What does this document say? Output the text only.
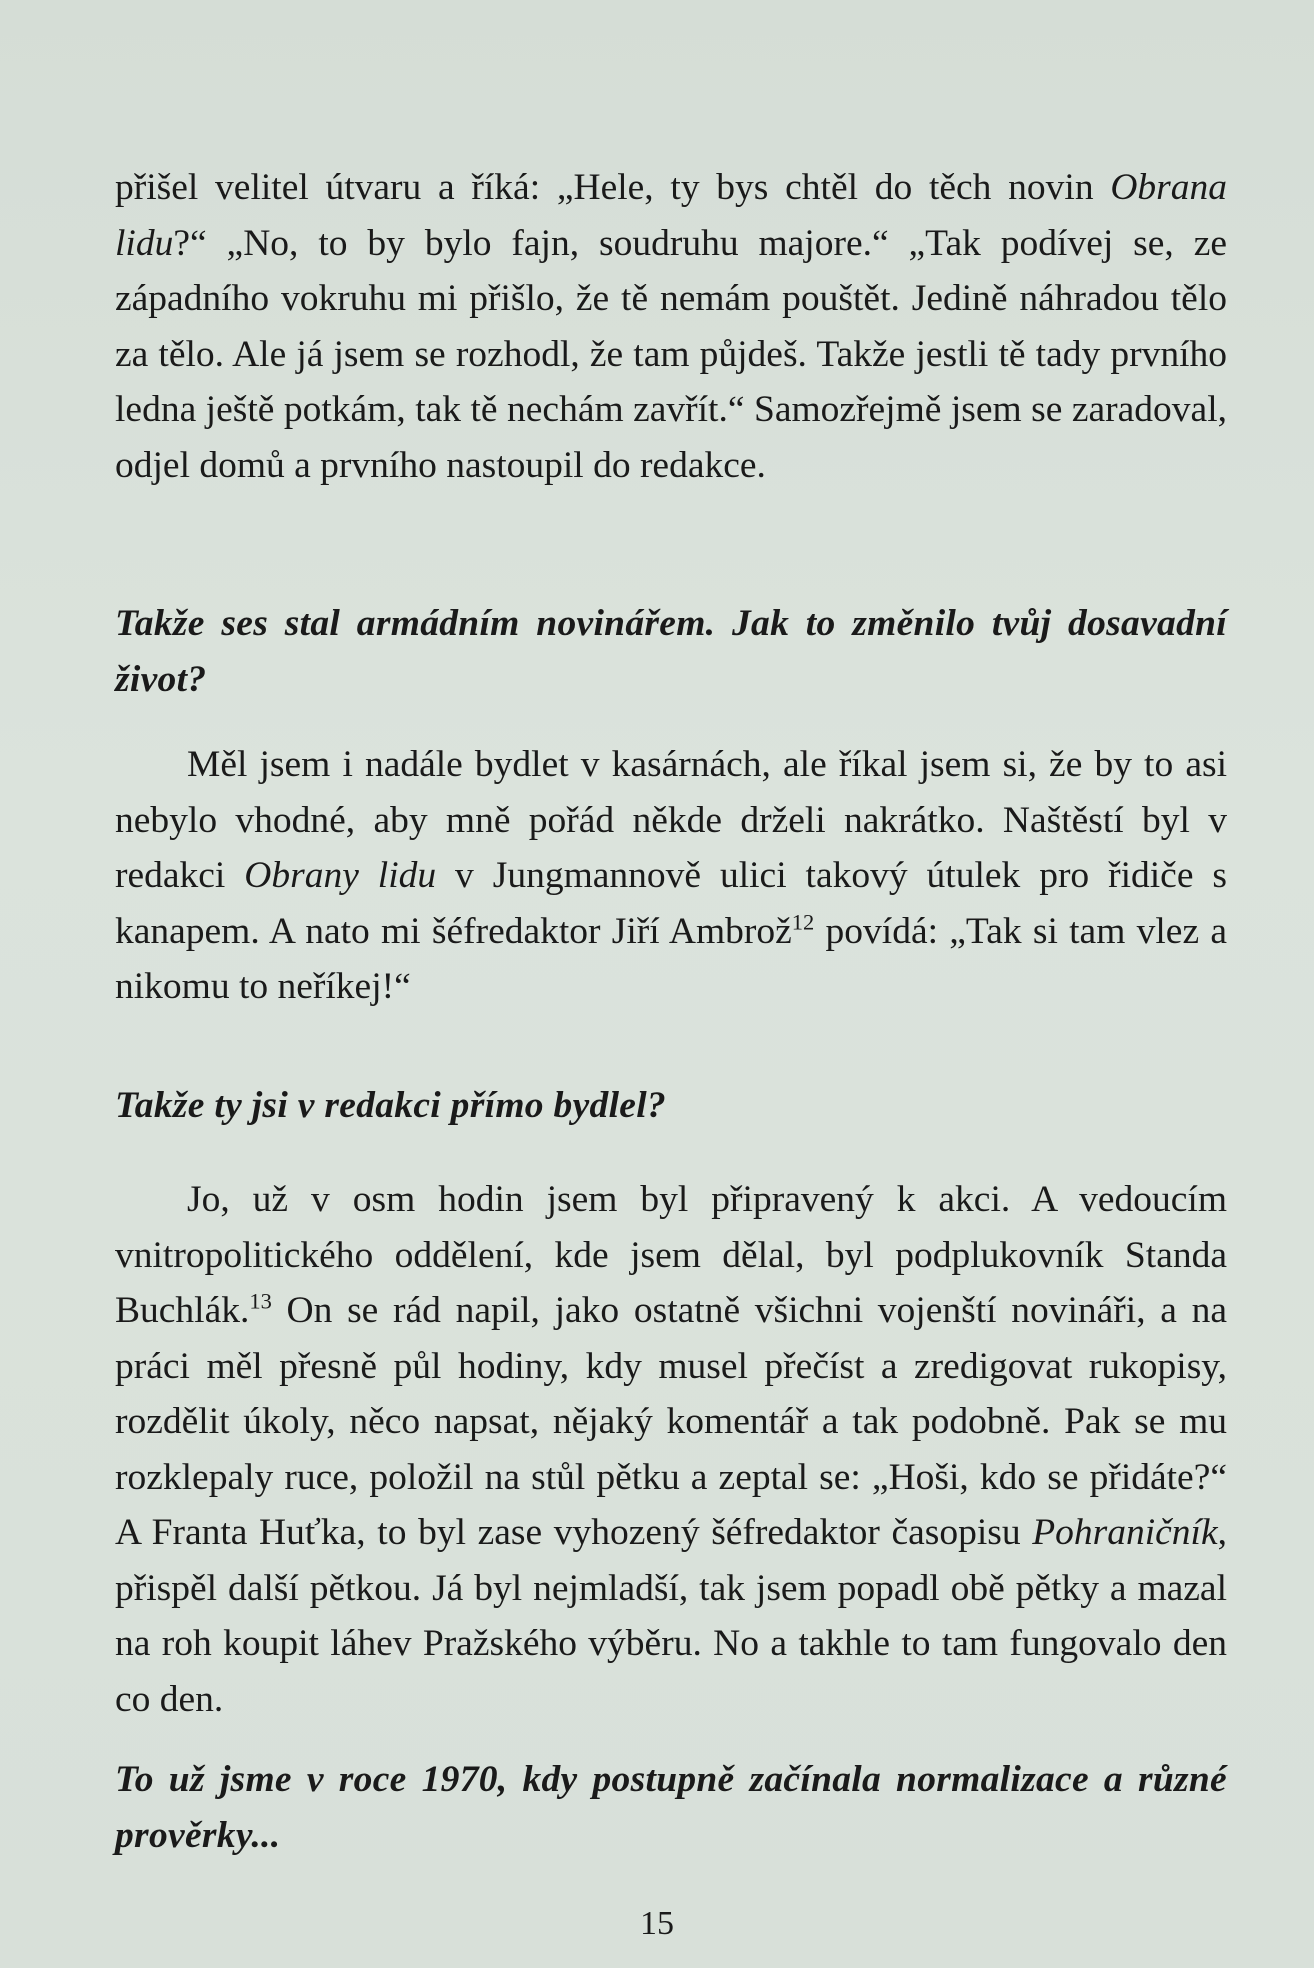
přišel velitel útvaru a říká: „Hele, ty bys chtěl do těch novin Obrana lidu?“ „No, to by bylo fajn, soudruhu majore.“ „Tak podívej se, ze západního vokruhu mi přišlo, že tě nemám pouštět. Jedině náhradou tělo za tělo. Ale já jsem se rozhodl, že tam půjdeš. Takže jestli tě tady prvního ledna ještě potkám, tak tě nechám zavřít.“ Samozřejmě jsem se zaradoval, odjel domů a prvního nastoupil do redakce.

Takže ses stal armádním novinářem. Jak to změnilo tvůj dosavadní život?

Měl jsem i nadále bydlet v kasárnách, ale říkal jsem si, že by to asi nebylo vhodné, aby mně pořád někde drželi nakrátko. Naštěstí byl v redakci Obrany lidu v Jungmannově ulici takový útulek pro řidiče s kanapem. A nato mi šéfredaktor Jiří Ambrož$^{12}$ povídá: „Tak si tam vlez a nikomu to neříkej!“

Takže ty jsi v redakci přímo bydlel?

Jo, už v osm hodin jsem byl připravený k akci. A vedoucím vnitropolitického oddělení, kde jsem dělal, byl podplukovník Standa Buchlák.$^{13}$ On se rád napil, jako ostatně všichni vojenští novináři, a na práci měl přesně půl hodiny, kdy musel přečíst a zredigovat rukopisy, rozdělit úkoly, něco napsat, nějaký komentář a tak podobně. Pak se mu rozklepaly ruce, položil na stůl pětku a zeptal se: „Hoši, kdo se přidáte?“ A Franta Huťka, to byl zase vyhozený šéfredaktor časopisu Pohraničník, přispěl další pětkou. Já byl nejmladší, tak jsem popadl obě pětky a mazal na roh koupit láhev Pražského výběru. No a takhle to tam fungovalo den co den.

To už jsme v roce 1970, kdy postupně začínala normalizace a různé prověrky...

15
